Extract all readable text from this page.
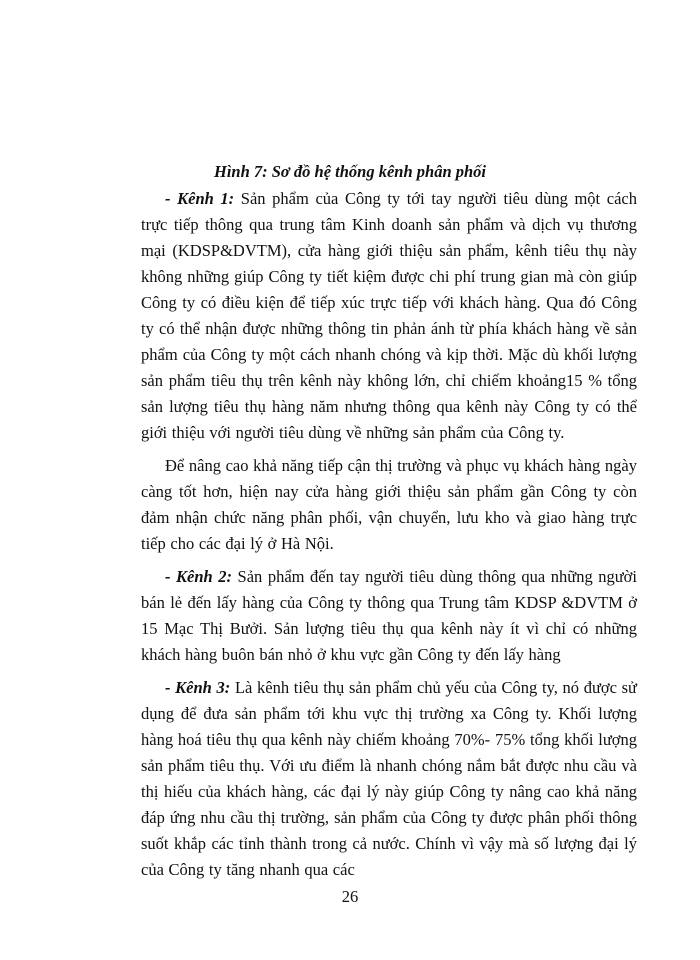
Hình 7: Sơ đồ hệ thống kênh phân phối

- Kênh 1: Sản phẩm của Công ty tới tay người tiêu dùng một cách trực tiếp thông qua trung tâm Kinh doanh sản phẩm và dịch vụ thương mại (KDSP&DVTM), cửa hàng giới thiệu sản phẩm, kênh tiêu thụ này không những giúp Công ty tiết kiệm được chi phí trung gian mà còn giúp Công ty có điều kiện để tiếp xúc trực tiếp với khách hàng. Qua đó Công ty có thể nhận được những thông tin phản ánh từ phía khách hàng về sản phẩm của Công ty một cách nhanh chóng và kịp thời. Mặc dù khối lượng sản phẩm tiêu thụ trên kênh này không lớn, chỉ chiếm khoảng15 % tổng sản lượng tiêu thụ hàng năm nhưng thông qua kênh này Công ty có thể giới thiệu với người tiêu dùng về những sản phẩm của Công ty.

Để nâng cao khả năng tiếp cận thị trường và phục vụ khách hàng ngày càng tốt hơn, hiện nay cửa hàng giới thiệu sản phẩm gần Công ty còn đảm nhận chức năng phân phối, vận chuyển, lưu kho và giao hàng trực tiếp cho các đại lý ở Hà Nội.

- Kênh 2: Sản phẩm đến tay người tiêu dùng thông qua những người bán lẻ đến lấy hàng của Công ty thông qua Trung tâm KDSP &DVTM ở 15 Mạc Thị Bưởi. Sản lượng tiêu thụ qua kênh này ít vì chỉ có những khách hàng buôn bán nhỏ ở khu vực gần Công ty đến lấy hàng

- Kênh 3: Là kênh tiêu thụ sản phẩm chủ yếu của Công ty, nó được sử dụng để đưa sản phẩm tới khu vực thị trường xa Công ty. Khối lượng hàng hoá tiêu thụ qua kênh này chiếm khoảng 70%- 75% tổng khối lượng sản phẩm tiêu thụ. Với ưu điểm là nhanh chóng nắm bắt được nhu cầu và thị hiếu của khách hàng, các đại lý này giúp Công ty nâng cao khả năng đáp ứng nhu cầu thị trường, sản phẩm của Công ty được phân phối thông suốt khắp các tỉnh thành trong cả nước. Chính vì vậy mà số lượng đại lý của Công ty tăng nhanh qua các

26
